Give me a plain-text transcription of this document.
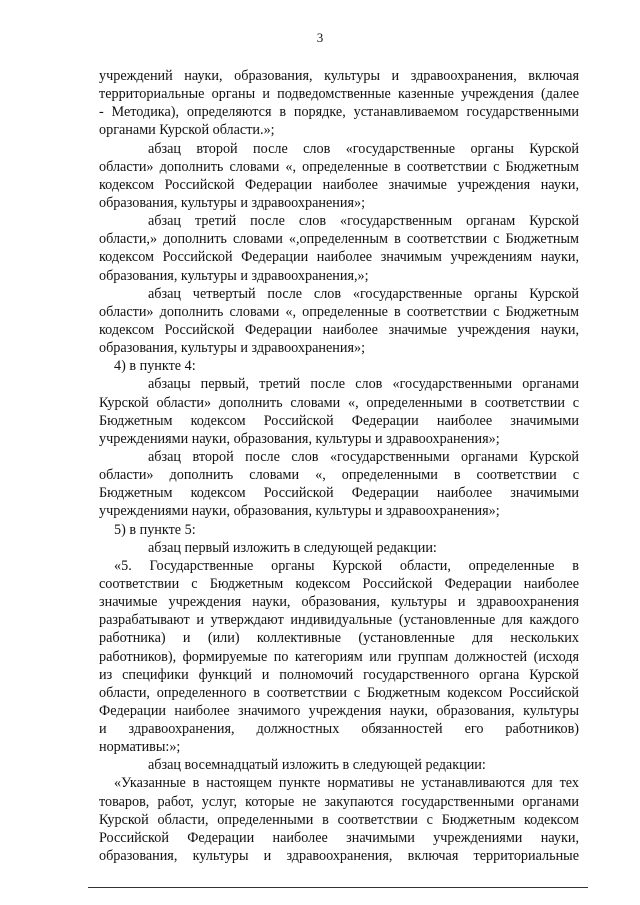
3
учреждений науки, образования, культуры и здравоохранения, включая
территориальные органы и подведомственные казенные учреждения (далее
- Методика), определяются в порядке, устанавливаемом государственными
органами Курской области.»;
абзац второй после слов «государственные органы Курской
области» дополнить словами «, определенные в соответствии с Бюджетным
кодексом Российской Федерации наиболее значимые учреждения науки,
образования, культуры и здравоохранения»;
абзац третий после слов «государственным органам Курской
области,» дополнить словами «,определенным в соответствии с Бюджетным
кодексом Российской Федерации наиболее значимым учреждениям науки,
образования, культуры и здравоохранения,»;
абзац четвертый после слов «государственные органы Курской
области» дополнить словами «, определенные в соответствии с Бюджетным
кодексом Российской Федерации наиболее значимые учреждения науки,
образования, культуры и здравоохранения»;
4) в пункте 4:
абзацы первый, третий после слов «государственными органами
Курской области» дополнить словами «, определенными в соответствии с
Бюджетным кодексом Российской Федерации наиболее значимыми
учреждениями науки, образования, культуры и здравоохранения»;
абзац второй после слов «государственными органами Курской
области» дополнить словами «, определенными в соответствии с
Бюджетным кодексом Российской Федерации наиболее значимыми
учреждениями науки, образования, культуры и здравоохранения»;
5) в пункте 5:
абзац первый изложить в следующей редакции:
«5. Государственные органы Курской области, определенные в
соответствии с Бюджетным кодексом Российской Федерации наиболее
значимые учреждения науки, образования, культуры и здравоохранения
разрабатывают и утверждают индивидуальные (установленные для каждого
работника) и (или) коллективные (установленные для нескольких
работников), формируемые по категориям или группам должностей (исходя
из специфики функций и полномочий государственного органа Курской
области, определенного в соответствии с Бюджетным кодексом Российской
Федерации наиболее значимого учреждения науки, образования, культуры
и здравоохранения, должностных обязанностей его работников)
нормативы:»;
абзац восемнадцатый изложить в следующей редакции:
«Указанные в настоящем пункте нормативы не устанавливаются для тех
товаров, работ, услуг, которые не закупаются государственными органами
Курской области, определенными в соответствии с Бюджетным кодексом
Российской Федерации наиболее значимыми учреждениями науки,
образования, культуры и здравоохранения, включая территориальные
